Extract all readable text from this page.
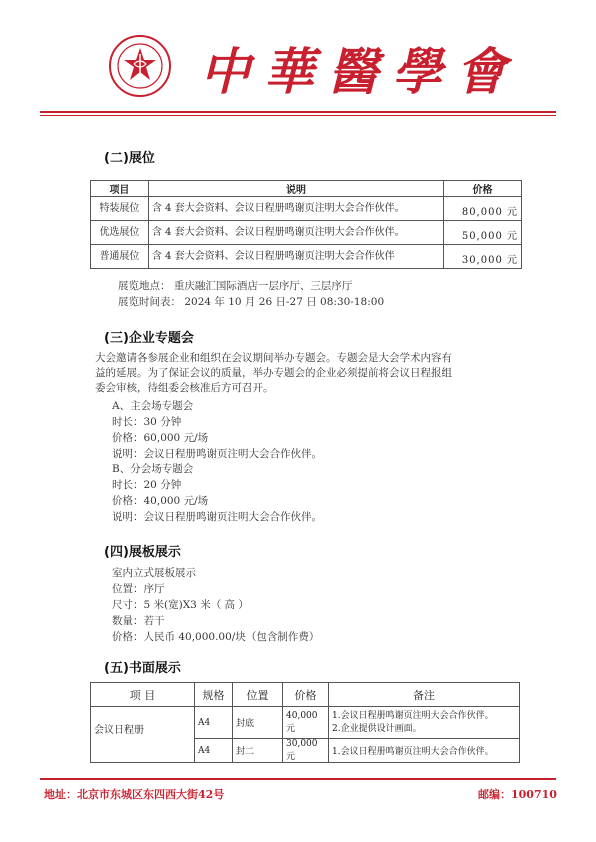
中華醫學會
(二)展位
项目	说明	价格
特装展位	含 4 套大会资料、会议日程册鸣谢页注明大会合作伙伴。	80,000 元
优选展位	含 4 套大会资料、会议日程册鸣谢页注明大会合作伙伴。	50,000 元
普通展位	含 4 套大会资料、会议日程册鸣谢页注明大会合作伙伴	30,000 元
展览地点： 重庆融汇国际酒店一层序厅、三层序厅
展览时间表： 2024 年 10 月 26 日-27 日 08:30-18:00
(三)企业专题会
大会邀请各参展企业和组织在会议期间举办专题会。专题会是大会学术内容有
益的延展。为了保证会议的质量，举办专题会的企业必须提前将会议日程报组
委会审核，待组委会核准后方可召开。
A、主会场专题会
时长：30 分钟
价格：60,000 元/场
说明：会议日程册鸣谢页注明大会合作伙伴。
B、分会场专题会
时长：20 分钟
价格：40,000 元/场
说明：会议日程册鸣谢页注明大会合作伙伴。
(四)展板展示
室内立式展板展示
位置：序厅
尺寸：5 米(宽)X3 米（ 高 ）
数量：若干
价格：人民币 40,000.00/块（包含制作费）
(五)书面展示
项 目	规格	位置	价格	备注
会议日程册	A4	封底	40,000 元	1.会议日程册鸣谢页注明大会合作伙伴。
2.企业提供设计画面。

	A4	封二	30,000 元	1.会议日程册鸣谢页注明大会合作伙伴。
地址：北京市东城区东四西大街42号	邮编：100710
